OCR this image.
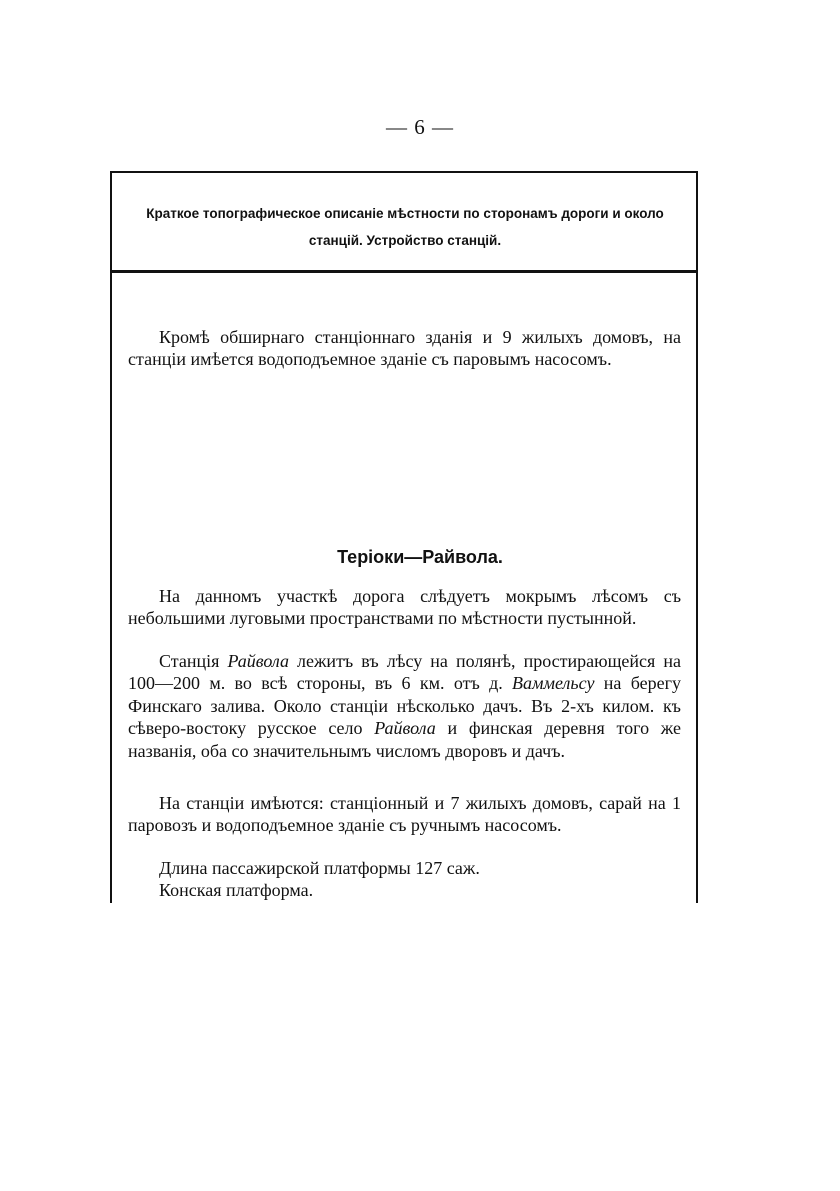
— 6 —
Краткое топографическое описаніе мѣстности по сторонамъ дороги и около станцій. Устройство станцій.

Кромѣ обширнаго станціоннаго зданія и 9 жилыхъ домовъ, на станціи имѣется водоподъемное зданіе съ паровымъ насосомъ.

Теріоки—Райвола.

На данномъ участкѣ дорога слѣдуетъ мокрымъ лѣсомъ съ небольшими луговыми пространствами по мѣстности пустынной.

Станція Райвола лежитъ въ лѣсу на полянѣ, простирающейся на 100—200 м. во всѣ стороны, въ 6 км. отъ д. Ваммельсу на берегу Финскаго залива. Около станціи нѣсколько дачъ. Въ 2-хъ килом. къ сѣверо-востоку русское село Райвола и финская деревня того же названія, оба со значительнымъ числомъ дворовъ и дачъ.

На станціи имѣются: станціонный и 7 жилыхъ домовъ, сарай на 1 паровозъ и водоподъемное зданіе съ ручнымъ насосомъ.

Длина пассажирской платформы 127 саж.

Конская платформа.
